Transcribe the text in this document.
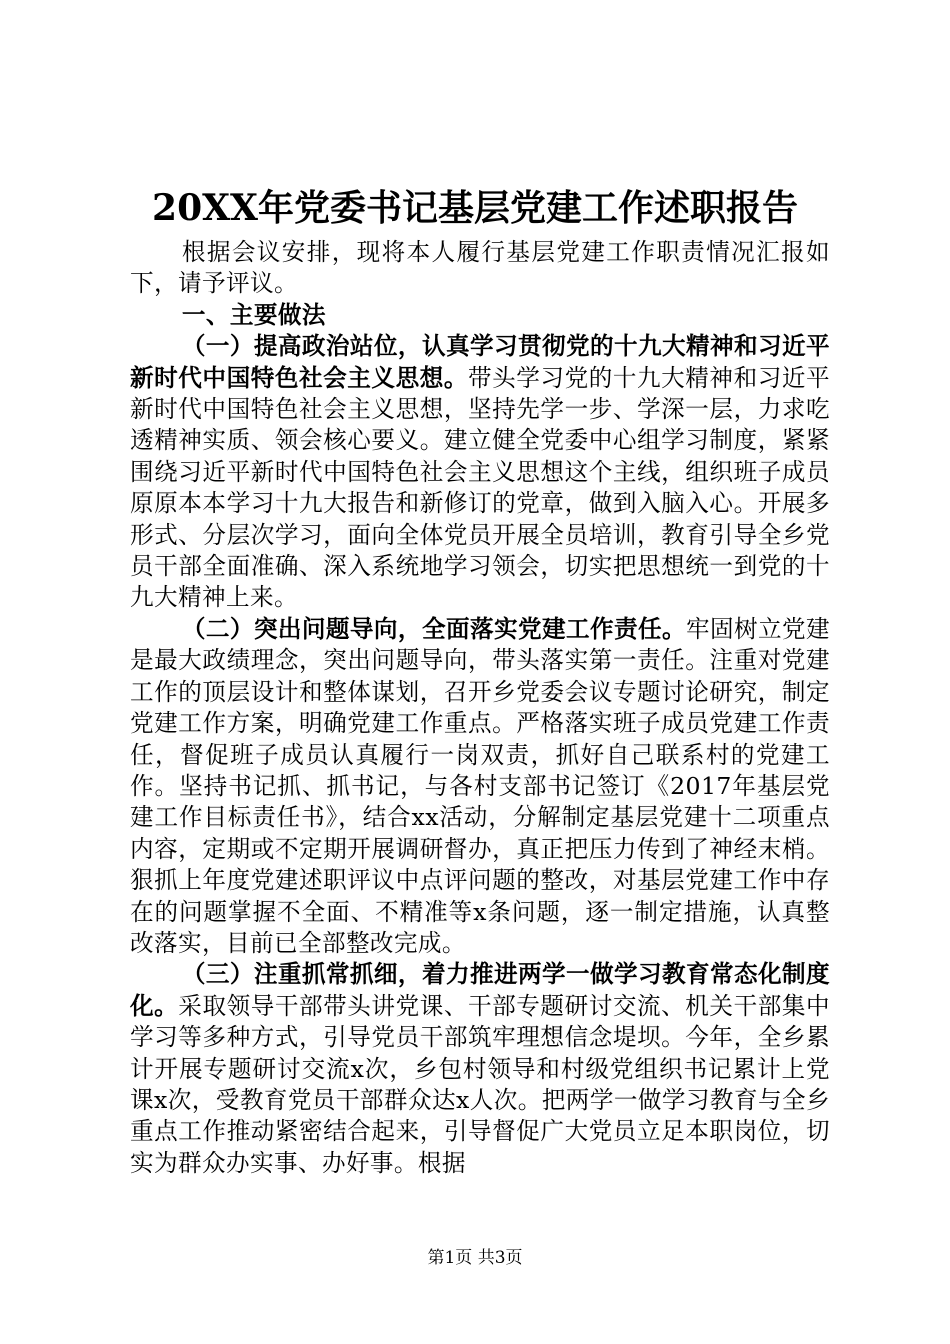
20XX年党委书记基层党建工作述职报告

根据会议安排，现将本人履行基层党建工作职责情况汇报如下，请予评议。

一、主要做法

（一）提高政治站位，认真学习贯彻党的十九大精神和习近平新时代中国特色社会主义思想。带头学习党的十九大精神和习近平新时代中国特色社会主义思想，坚持先学一步、学深一层，力求吃透精神实质、领会核心要义。建立健全党委中心组学习制度，紧紧围绕习近平新时代中国特色社会主义思想这个主线，组织班子成员原原本本学习十九大报告和新修订的党章，做到入脑入心。开展多形式、分层次学习，面向全体党员开展全员培训，教育引导全乡党员干部全面准确、深入系统地学习领会，切实把思想统一到党的十九大精神上来。

（二）突出问题导向，全面落实党建工作责任。牢固树立党建是最大政绩理念，突出问题导向，带头落实第一责任。注重对党建工作的顶层设计和整体谋划，召开乡党委会议专题讨论研究，制定党建工作方案，明确党建工作重点。严格落实班子成员党建工作责任，督促班子成员认真履行一岗双责，抓好自己联系村的党建工作。坚持书记抓、抓书记，与各村支部书记签订《2017年基层党建工作目标责任书》，结合xx活动，分解制定基层党建十二项重点内容，定期或不定期开展调研督办，真正把压力传到了神经末梢。狠抓上年度党建述职评议中点评问题的整改，对基层党建工作中存在的问题掌握不全面、不精准等x条问题，逐一制定措施，认真整改落实，目前已全部整改完成。

（三）注重抓常抓细，着力推进两学一做学习教育常态化制度化。采取领导干部带头讲党课、干部专题研讨交流、机关干部集中学习等多种方式，引导党员干部筑牢理想信念堤坝。今年，全乡累计开展专题研讨交流x次，乡包村领导和村级党组织书记累计上党课x次，受教育党员干部群众达x人次。把两学一做学习教育与全乡重点工作推动紧密结合起来，引导督促广大党员立足本职岗位，切实为群众办实事、办好事。根据

第1页 共3页
